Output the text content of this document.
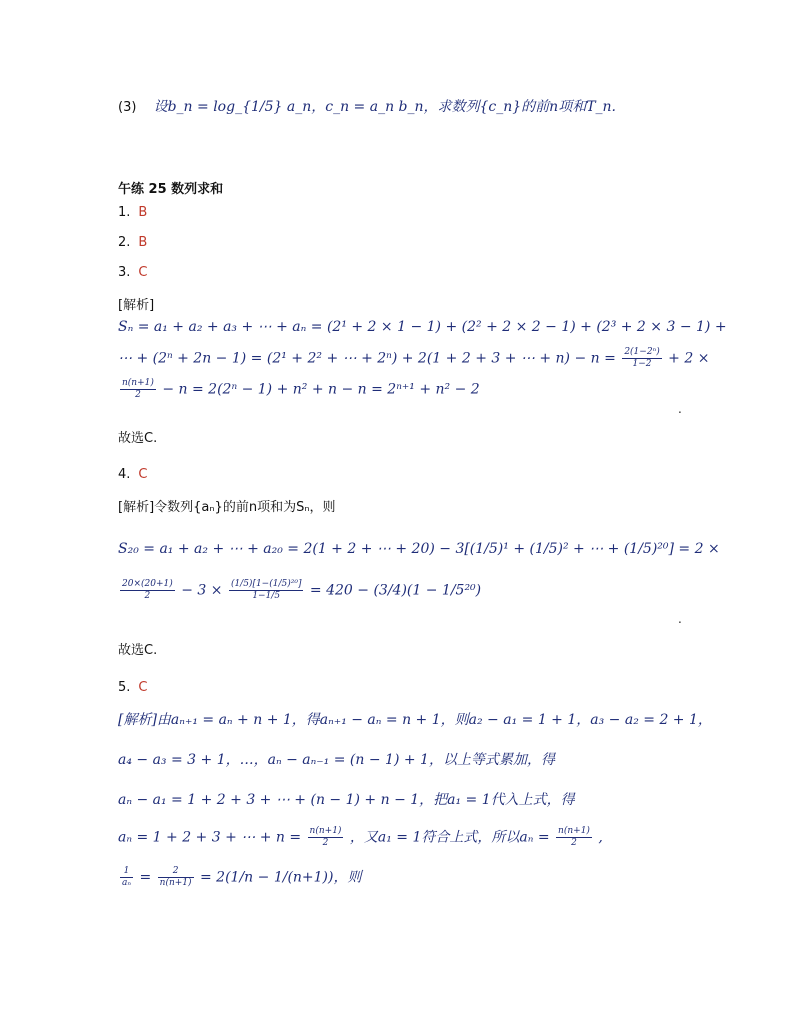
(3) 设b_n = log_{1/5} a_n，c_n = a_n b_n，求数列{c_n}的前n项和T_n.
午练 25 数列求和
1. B
2. B
3. C
[解析]
Sₙ = a₁ + a₂ + a₃ + ⋯ + aₙ = (2¹ + 2 × 1 − 1) + (2² + 2 × 2 − 1) + (2³ + 2 × 3 − 1) +
⋯ + (2ⁿ + 2n − 1) = (2¹ + 2² + ⋯ + 2ⁿ) + 2(1 + 2 + 3 + ⋯ + $n) - n = \frac{\text{2(1−2ⁿ)}}{1-2} + 2$ ×
$\frac{n(n+1)}{2} - n = 2(2^n - 1) + n^2 + n - n = 2^{n+1} + n^2 - 2$
.
故选C.
4. C
[解析]令数列{aₙ}的前n项和为Sₙ，则
S₂₀ = a₁ + a₂ + ⋯ + a₂₀ = 2(1 + 2 + ⋯ + 20) − 3[(1/5)¹ + (1/5)² + ⋯ + (1/5)²⁰] = 2 ×
$\frac{20\times(20+1)}{2} - 3 \times \frac{\text{(1/5)[1−(1/5)²⁰]}}{1-1/5} = 420 - (3/4)(1 - 1/5^{20})$
.
故选C.
5. C
[解析]由aₙ₊₁ = aₙ + n + 1，得aₙ₊₁ − aₙ = n + 1，则a₂ − a₁ = 1 + 1，a₃ − a₂ = 2 + 1，
a₄ − a₃ = 3 + 1，…，aₙ − aₙ₋₁ = (n − 1) + 1，以上等式累加，得
aₙ − a₁ = 1 + 2 + 3 + ⋯ + (n − 1) + n − 1，把a₁ = 1代入上式，得
aₙ = 1 + 2 + 3 + ⋯ + $n = \frac{n(n+1)}{2}$ ，又a₁ = 1符合上式，所以$a_n = \frac{n(n+1)}{2}$ ,
$\frac{1}{\text{aₙ}} = \frac{2}{n(n+1)} = 2(1/n - 1/(n+1))$，则
